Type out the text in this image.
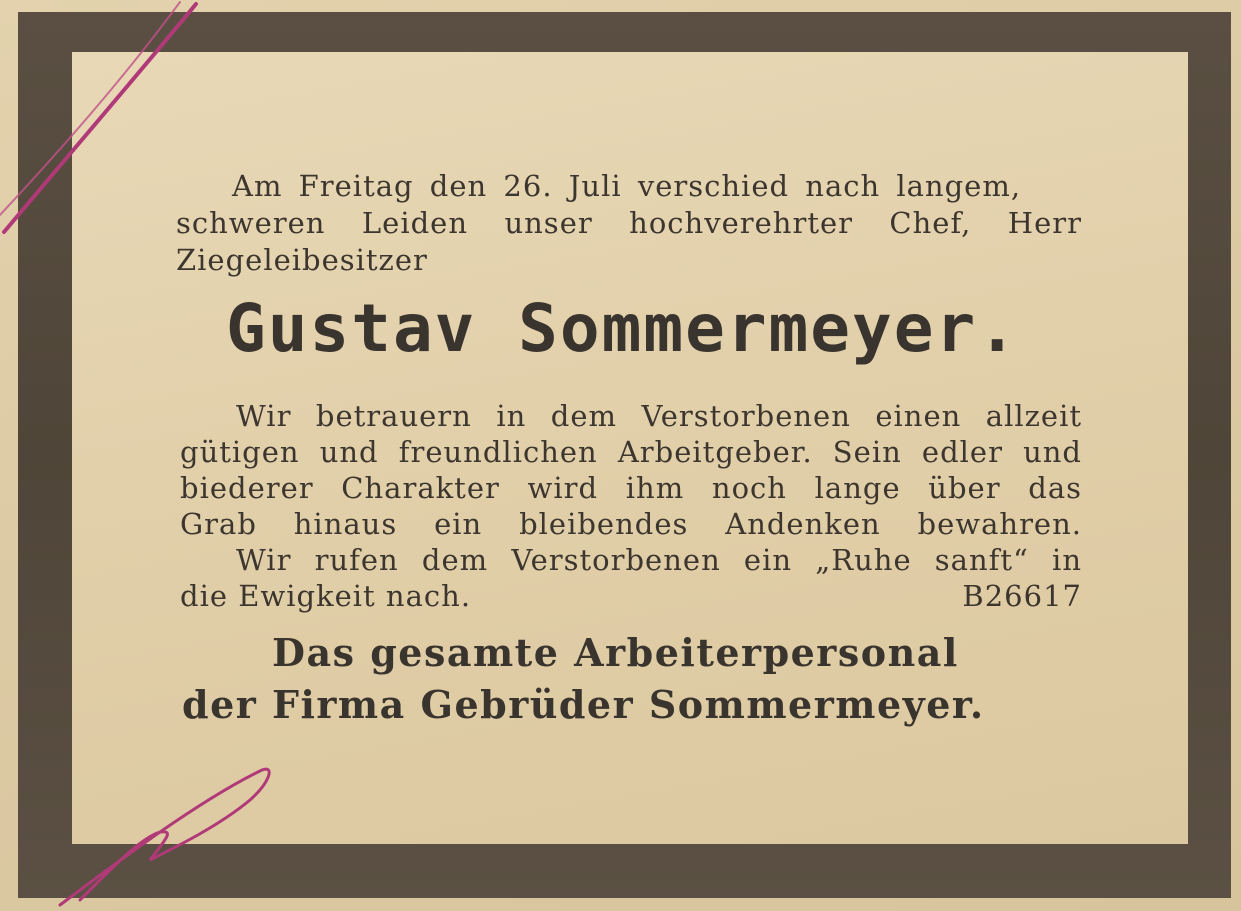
Am Freitag den 26. Juli verschied nach langem,
schweren Leiden unser hochverehrter Chef, Herr
Ziegeleibesitzer
Gustav Sommermeyer.
Wir betrauern in dem Verstorbenen einen allzeit
gütigen und freundlichen Arbeitgeber. Sein edler und
biederer Charakter wird ihm noch lange über das
Grab hinaus ein bleibendes Andenken bewahren.
Wir rufen dem Verstorbenen ein „Ruhe sanft“ in
die Ewigkeit nach.	B26617
Das gesamte Arbeiterpersonal
der Firma Gebrüder Sommermeyer.
